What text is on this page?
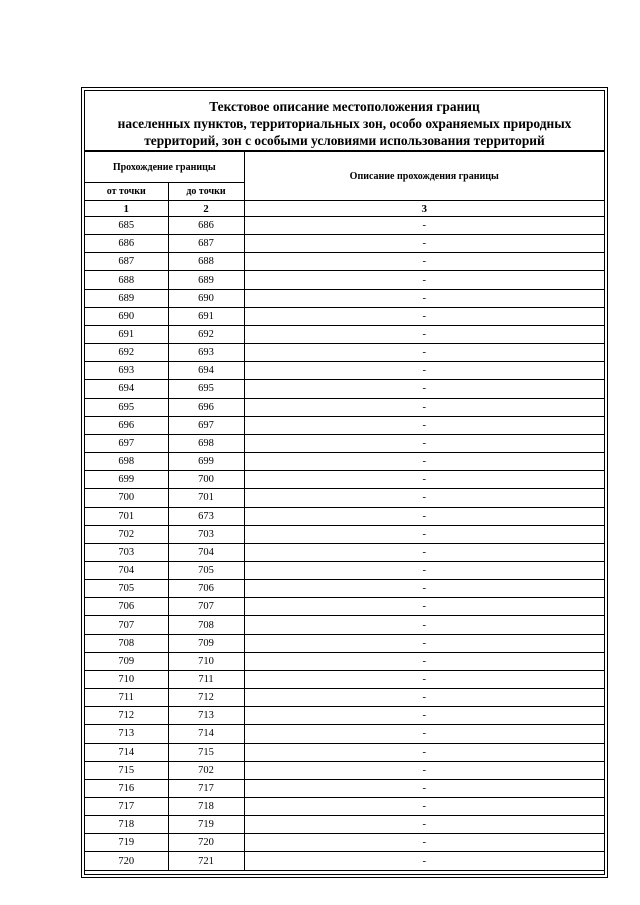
Текстовое описание местоположения границ
населенных пунктов, территориальных зон, особо охраняемых природных
территорий, зон с особыми условиями использования территорий
Прохождение границы		Описание прохождения границы
от точки	до точки	
1	2	3
685	686	-
686	687	-
687	688	-
688	689	-
689	690	-
690	691	-
691	692	-
692	693	-
693	694	-
694	695	-
695	696	-
696	697	-
697	698	-
698	699	-
699	700	-
700	701	-
701	673	-
702	703	-
703	704	-
704	705	-
705	706	-
706	707	-
707	708	-
708	709	-
709	710	-
710	711	-
711	712	-
712	713	-
713	714	-
714	715	-
715	702	-
716	717	-
717	718	-
718	719	-
719	720	-
720	721	-
